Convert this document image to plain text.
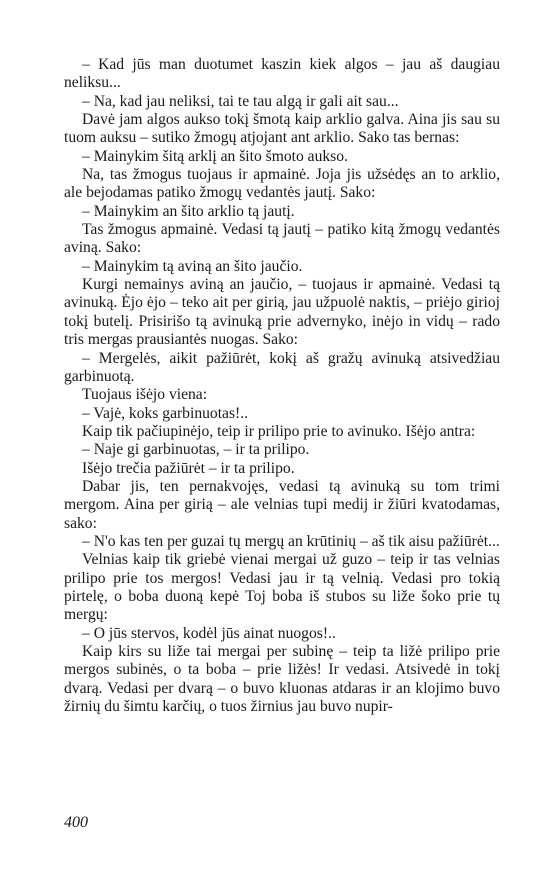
– Kad jūs man duotumet kaszin kiek algos – jau aš daugiau neliksu...

– Na, kad jau neliksi, tai te tau algą ir gali ait sau...

Davė jam algos aukso tokį šmotą kaip arklio galva. Aina jis sau su tuom auksu – sutiko žmogų atjojant ant arklio. Sako tas bernas:

– Mainykim šitą arklį an šito šmoto aukso.

Na, tas žmogus tuojaus ir apmainė. Joja jis užsėdęs an to arklio, ale bejodamas patiko žmogų vedantės jautį. Sako:

– Mainykim an šito arklio tą jautį.

Tas žmogus apmainė. Vedasi tą jautį – patiko kitą žmogų vedantės aviną. Sako:

– Mainykim tą aviną an šito jaučio.

Kurgi nemainys aviną an jaučio, – tuojaus ir apmainė. Vedasi tą avinuką. Ėjo ėjo – teko ait per girią, jau užpuolė naktis, – priėjo girioj tokį butelį. Prisirišo tą avinuką prie advernyko, inėjo in vidų – rado tris mergas prausiantės nuogas. Sako:

– Mergelės, aikit pažiūrėt, kokį aš gražų avinuką atsivedžiau garbinuotą.

Tuojaus išėjo viena:

– Vajė, koks garbinuotas!..

Kaip tik pačiupinėjo, teip ir prilipo prie to avinuko. Išėjo antra:

– Naje gi garbinuotas, – ir ta prilipo.

Išėjo trečia pažiūrėt – ir ta prilipo.

Dabar jis, ten pernakvojęs, vedasi tą avinuką su tom trimi mergom. Aina per girią – ale velnias tupi medij ir žiūri kvatodamas, sako:

– N'o kas ten per guzai tų mergų an krūtinių – aš tik aisu pažiūrėt...

Velnias kaip tik griebė vienai mergai už guzo – teip ir tas velnias prilipo prie tos mergos! Vedasi jau ir tą velnią. Vedasi pro tokią pirtelę, o boba duoną kepė Toj boba iš stubos su liže šoko prie tų mergų:

– O jūs stervos, kodėl jūs ainat nuogos!..

Kaip kirs su liže tai mergai per subinę – teip ta ližė prilipo prie mergos subinės, o ta boba – prie ližės! Ir vedasi. Atsivedė in tokį dvarą. Vedasi per dvarą – o buvo kluonas atdaras ir an klojimo buvo žirnių du šimtu karčių, o tuos žirnius jau buvo nupir-

400
